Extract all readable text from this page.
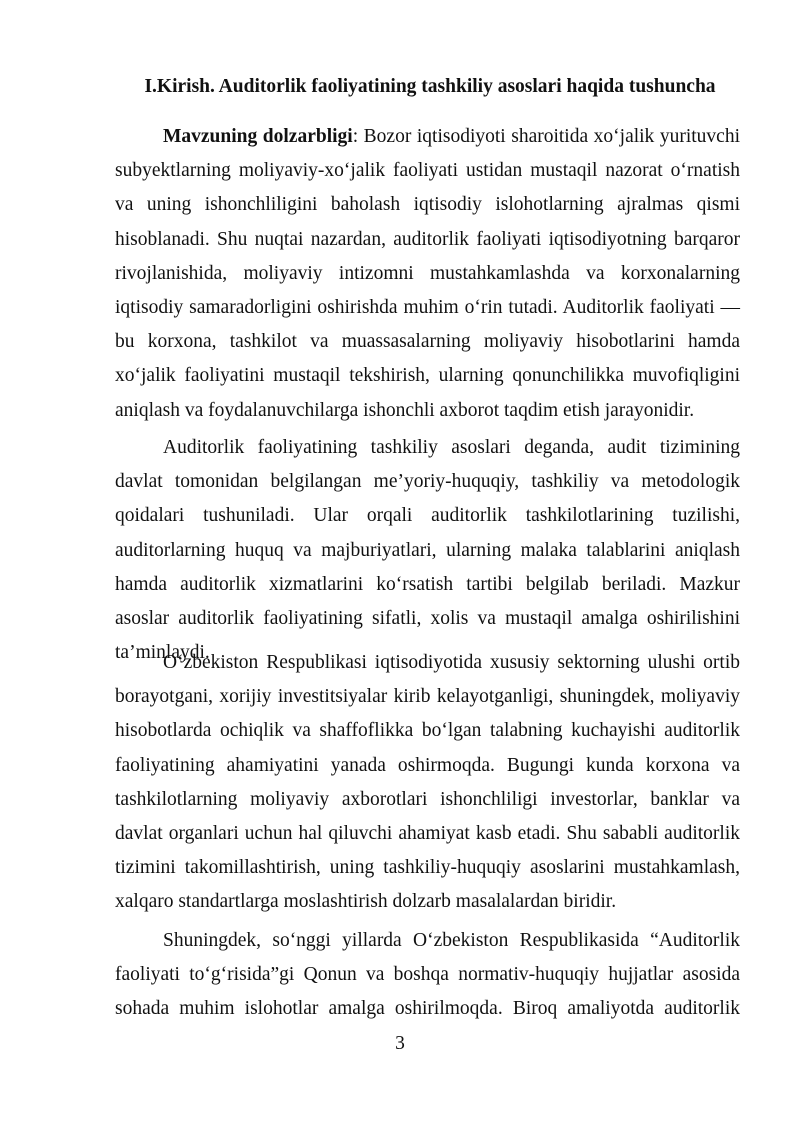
I.Kirish. Auditorlik faoliyatining tashkiliy asoslari haqida tushuncha

Mavzuning dolzarbligi: Bozor iqtisodiyoti sharoitida xo‘jalik yurituvchi subyektlarning moliyaviy-xo‘jalik faoliyati ustidan mustaqil nazorat o‘rnatish va uning ishonchliligini baholash iqtisodiy islohotlarning ajralmas qismi hisoblanadi. Shu nuqtai nazardan, auditorlik faoliyati iqtisodiyotning barqaror rivojlanishida, moliyaviy intizomni mustahkamlashda va korxonalarning iqtisodiy samaradorligini oshirishda muhim o‘rin tutadi. Auditorlik faoliyati — bu korxona, tashkilot va muassasalarning moliyaviy hisobotlarini hamda xo‘jalik faoliyatini mustaqil tekshirish, ularning qonunchilikka muvofiqligini aniqlash va foydalanuvchilarga ishonchli axborot taqdim etish jarayonidir.

Auditorlik faoliyatining tashkiliy asoslari deganda, audit tizimining davlat tomonidan belgilangan me’yoriy-huquqiy, tashkiliy va metodologik qoidalari tushuniladi. Ular orqali auditorlik tashkilotlarining tuzilishi, auditorlarning huquq va majburiyatlari, ularning malaka talablarini aniqlash hamda auditorlik xizmatlarini ko‘rsatish tartibi belgilab beriladi. Mazkur asoslar auditorlik faoliyatining sifatli, xolis va mustaqil amalga oshirilishini ta’minlaydi.

O‘zbekiston Respublikasi iqtisodiyotida xususiy sektorning ulushi ortib borayotgani, xorijiy investitsiyalar kirib kelayotganligi, shuningdek, moliyaviy hisobotlarda ochiqlik va shaffoflikka bo‘lgan talabning kuchayishi auditorlik faoliyatining ahamiyatini yanada oshirmoqda. Bugungi kunda korxona va tashkilotlarning moliyaviy axborotlari ishonchliligi investorlar, banklar va davlat organlari uchun hal qiluvchi ahamiyat kasb etadi. Shu sababli auditorlik tizimini takomillashtirish, uning tashkiliy-huquqiy asoslarini mustahkamlash, xalqaro standartlarga moslashtirish dolzarb masalalardan biridir.

Shuningdek, so‘nggi yillarda O‘zbekiston Respublikasida “Auditorlik faoliyati to‘g‘risida”gi Qonun va boshqa normativ-huquqiy hujjatlar asosida sohada muhim islohotlar amalga oshirilmoqda. Biroq amaliyotda auditorlik

3
